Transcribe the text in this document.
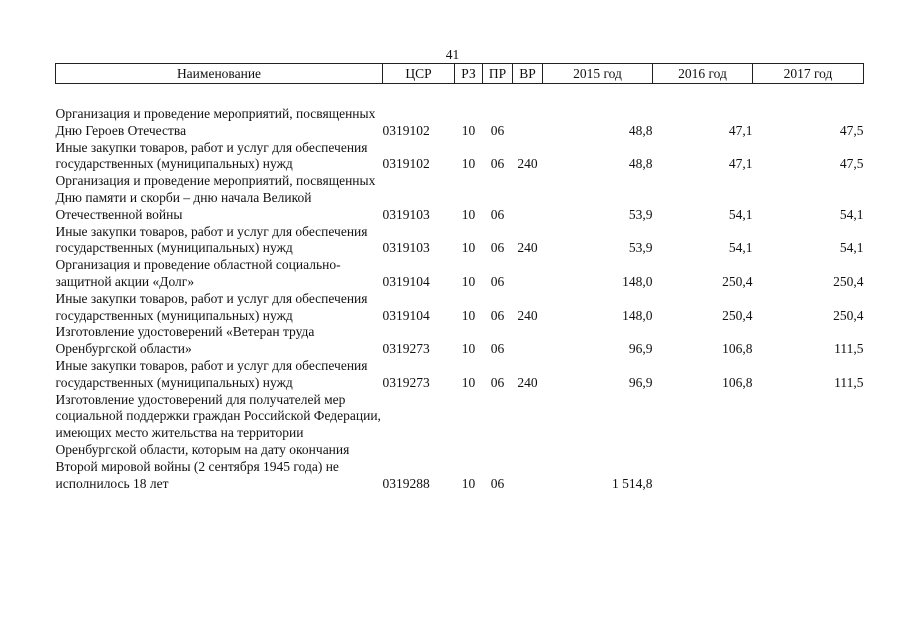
41
Наименование	ЦСР	РЗ	ПР	ВР	2015 год	2016 год	2017 год

Организация и проведение мероприятий, посвященных Дню Героев Отечества	0319102	10	06		48,8	47,1	47,5
Иные закупки товаров, работ и услуг для обеспечения государственных (муниципальных) нужд	0319102	10	06	240	48,8	47,1	47,5
Организация и проведение мероприятий, посвященных Дню памяти и скорби – дню начала Великой Отечественной войны	0319103	10	06		53,9	54,1	54,1
Иные закупки товаров, работ и услуг для обеспечения государственных (муниципальных) нужд	0319103	10	06	240	53,9	54,1	54,1
Организация и проведение областной социально-защитной акции «Долг»	0319104	10	06		148,0	250,4	250,4
Иные закупки товаров, работ и услуг для обеспечения государственных (муниципальных) нужд	0319104	10	06	240	148,0	250,4	250,4
Изготовление удостоверений «Ветеран труда Оренбургской области»	0319273	10	06		96,9	106,8	111,5
Иные закупки товаров, работ и услуг для обеспечения государственных (муниципальных) нужд	0319273	10	06	240	96,9	106,8	111,5
Изготовление удостоверений для получателей мер социальной поддержки граждан Российской Федерации, имеющих место жительства на территории Оренбургской области, которым на дату окончания Второй мировой войны (2 сентября 1945 года) не исполнилось 18 лет	0319288	10	06		1 514,8		
